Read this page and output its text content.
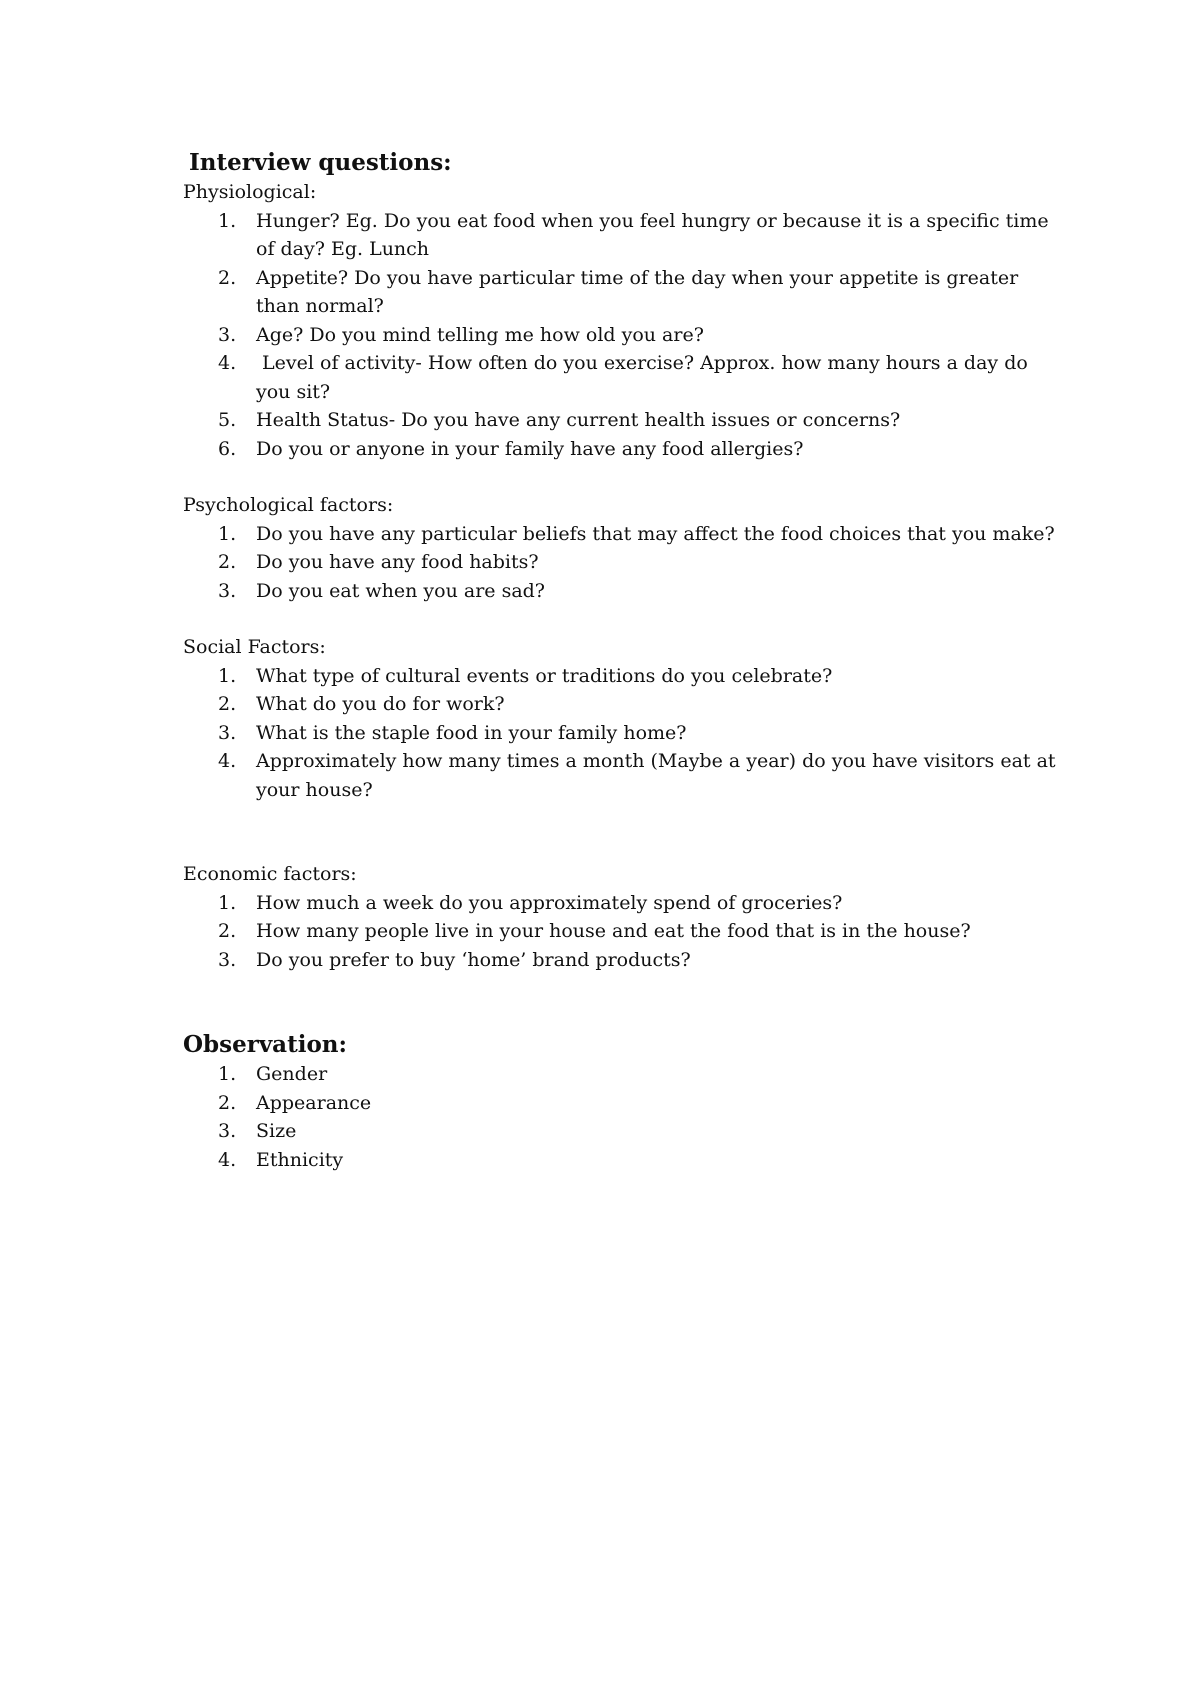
Interview questions:

Physiological:

1. Hunger? Eg. Do you eat food when you feel hungry or because it is a specific time of day? Eg. Lunch
2. Appetite? Do you have particular time of the day when your appetite is greater than normal?
3. Age? Do you mind telling me how old you are?
4. Level of activity- How often do you exercise? Approx. how many hours a day do you sit?
5. Health Status- Do you have any current health issues or concerns?
6. Do you or anyone in your family have any food allergies?

Psychological factors:

1. Do you have any particular beliefs that may affect the food choices that you make?
2. Do you have any food habits?
3. Do you eat when you are sad?

Social Factors:

1. What type of cultural events or traditions do you celebrate?
2. What do you do for work?
3. What is the staple food in your family home?
4. Approximately how many times a month (Maybe a year) do you have visitors eat at your house?

Economic factors:

1. How much a week do you approximately spend of groceries?
2. How many people live in your house and eat the food that is in the house?
3. Do you prefer to buy ‘home’ brand products?
Observation:
1. Gender
2. Appearance
3. Size
4. Ethnicity
